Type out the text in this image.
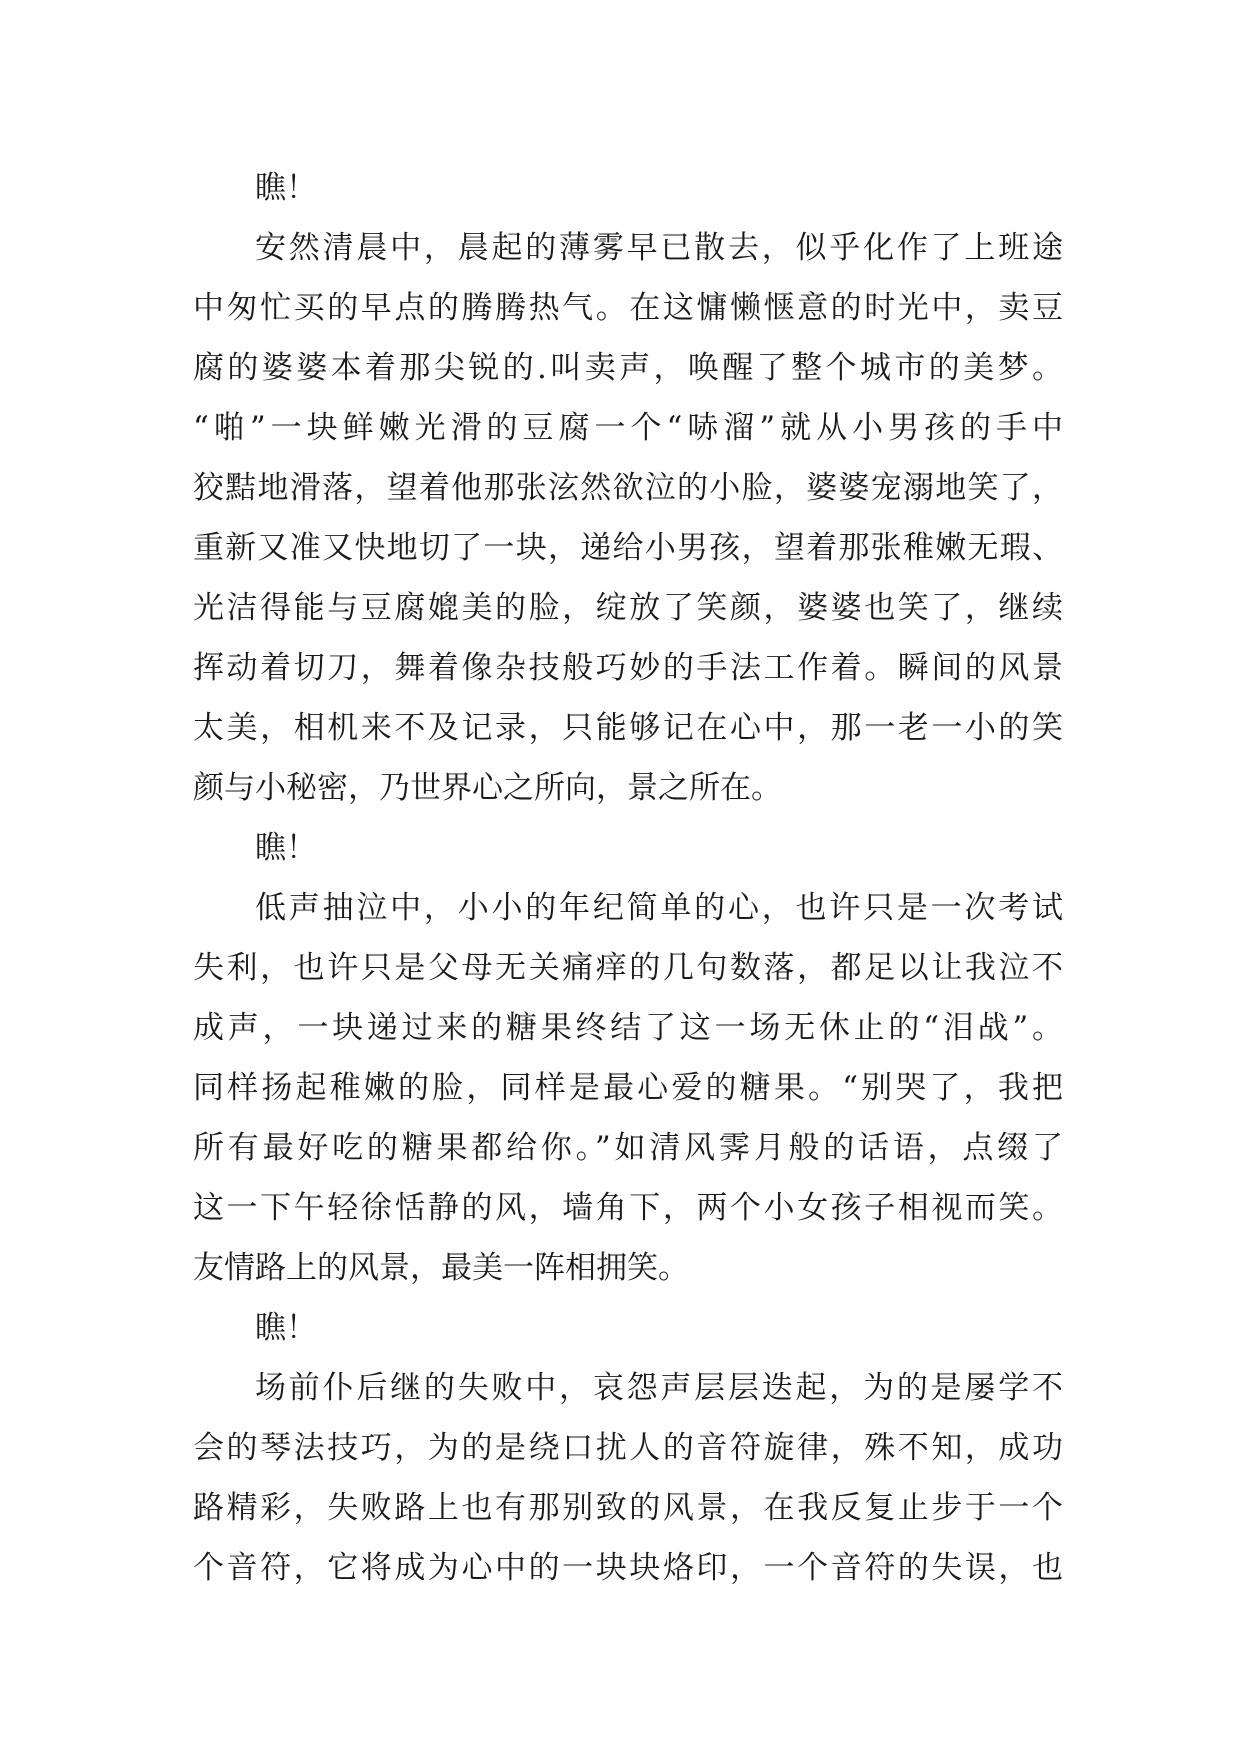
瞧！
安然清晨中，晨起的薄雾早已散去，似乎化作了上班途
中匆忙买的早点的腾腾热气。在这慵懒惬意的时光中，卖豆
腐的婆婆本着那尖锐的.叫卖声，唤醒了整个城市的美梦。
“啪”一块鲜嫩光滑的豆腐一个“哧溜”就从小男孩的手中
狡黠地滑落，望着他那张泫然欲泣的小脸，婆婆宠溺地笑了，
重新又准又快地切了一块，递给小男孩，望着那张稚嫩无瑕、
光洁得能与豆腐媲美的脸，绽放了笑颜，婆婆也笑了，继续
挥动着切刀，舞着像杂技般巧妙的手法工作着。瞬间的风景
太美，相机来不及记录，只能够记在心中，那一老一小的笑
颜与小秘密，乃世界心之所向，景之所在。
瞧！
低声抽泣中，小小的年纪简单的心，也许只是一次考试
失利，也许只是父母无关痛痒的几句数落，都足以让我泣不
成声，一块递过来的糖果终结了这一场无休止的“泪战”。
同样扬起稚嫩的脸，同样是最心爱的糖果。“别哭了，我把
所有最好吃的糖果都给你。”如清风霁月般的话语，点缀了
这一下午轻徐恬静的风，墙角下，两个小女孩子相视而笑。
友情路上的风景，最美一阵相拥笑。
瞧！
场前仆后继的失败中，哀怨声层层迭起，为的是屡学不
会的琴法技巧，为的是绕口扰人的音符旋律，殊不知，成功
路精彩，失败路上也有那别致的风景，在我反复止步于一个
个音符，它将成为心中的一块块烙印，一个音符的失误，也
